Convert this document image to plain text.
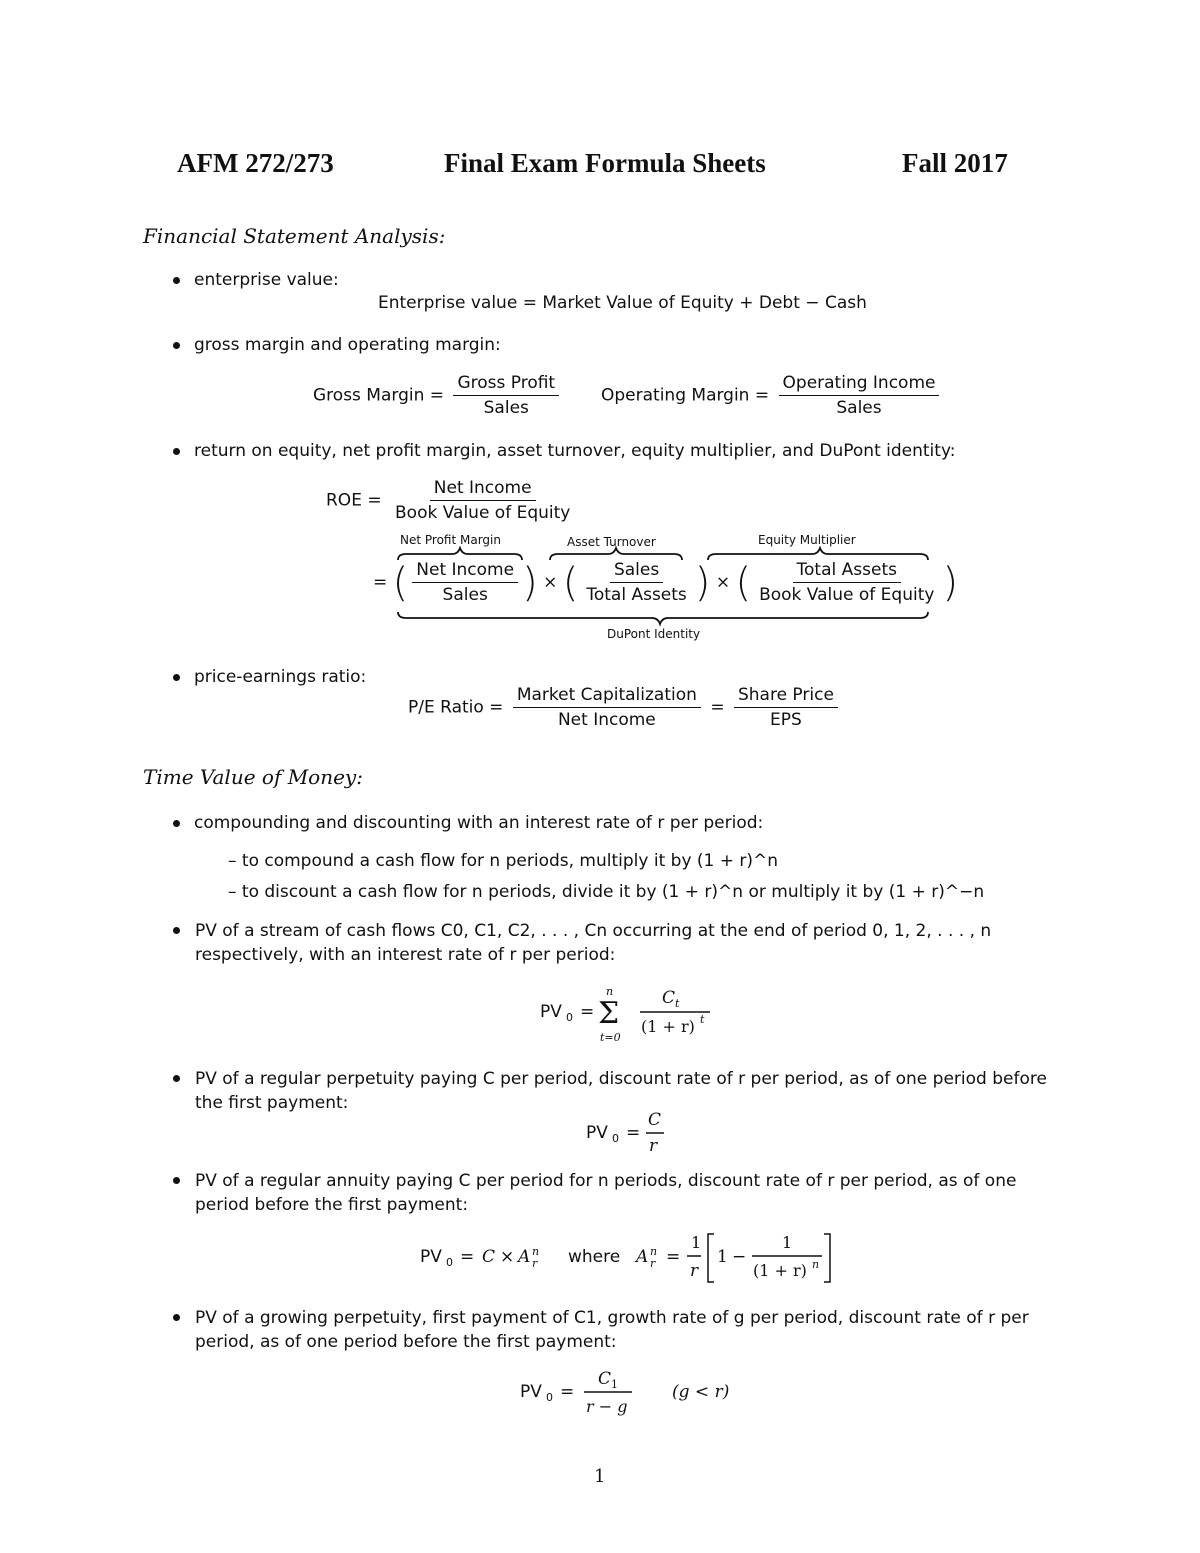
AFM 272/273	Final Exam Formula Sheets	Fall 2017
Financial Statement Analysis:
enterprise value:
Enterprise value = Market Value of Equity + Debt − Cash
gross margin and operating margin:
Gross Margin = $\frac{\text{Gross Profit}}{\text{Sales}}$ Operating Margin = $\frac{\text{Operating Income}}{\text{Sales}}$
return on equity, net profit margin, asset turnover, equity multiplier, and DuPont identity:
ROE = $\frac{\text{Net Income}}{\text{Book Value of Equity}}$
Net Profit Margin	Asset Turnover	Equity Multiplier
= ( $\frac{\text{Net Income}}{\text{Sales}}$ ) × ( $\frac{\text{Sales}}{\text{Total Assets}}$ ) × ( $\frac{\text{Total Assets}}{\text{Book Value of Equity}}$ )
DuPont Identity
price-earnings ratio:
P/E Ratio = $\frac{\text{Market Capitalization}}{\text{Net Income}} = \frac{\text{Share Price}}{\text{EPS}}$
Time Value of Money:
compounding and discounting with an interest rate of r per period:
– to compound a cash flow for n periods, multiply it by (1 + r)^n
– to discount a cash flow for n periods, divide it by (1 + r)^n or multiply it by (1 + r)^−n
PV of a stream of cash flows C0, C1, C2, . . . , Cn occurring at the end of period 0, 1, 2, . . . , n respectively, with an interest rate of r per period:
PV 0 =
n
Σ
t=0
C t
(1 + r) t
PV of a regular perpetuity paying C per period, discount rate of r per period, as of one period before the first payment:
PV 0 =
C
r
PV of a regular annuity paying C per period for n periods, discount rate of r per period, as of one period before the first payment:
PV 0 = C × A n
r where A n
r =
1
r
1 −
1
(1 + r) n
PV of a growing perpetuity, first payment of C1, growth rate of g per period, discount rate of r per period, as of one period before the first payment:
PV 0 =
C 1
r − g
(g < r)
1
